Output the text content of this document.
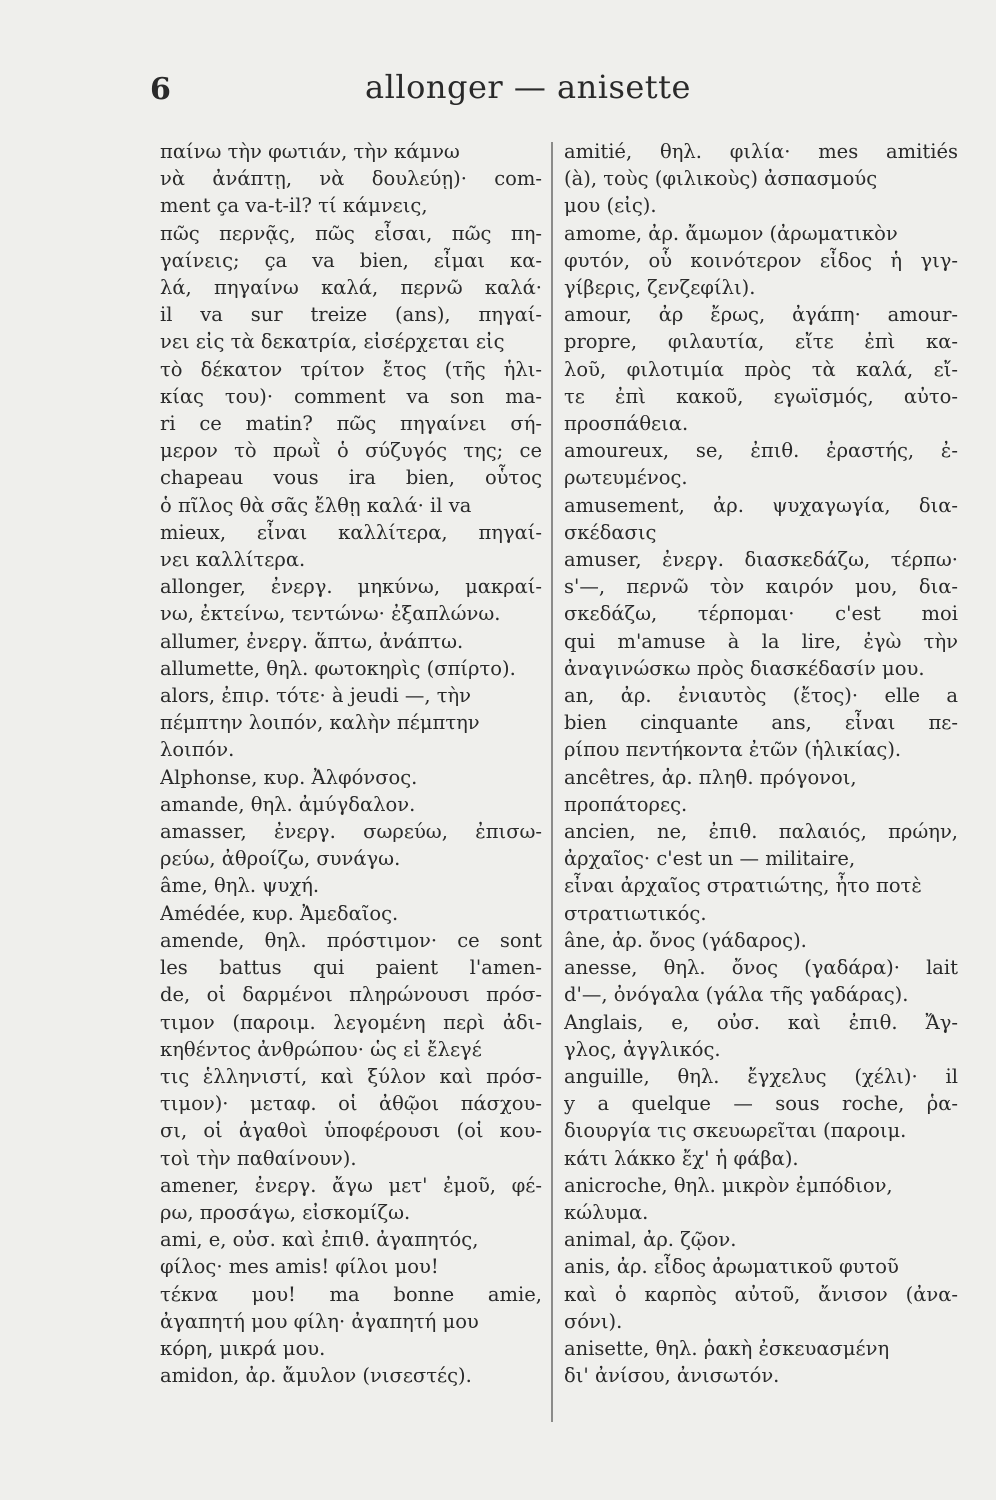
6	allonger — anisette
παίνω τὴν φωτιάν, τὴν κάμνω
νὰ ἀνάπτῃ, νὰ δουλεύῃ)· com-
ment ça va-t-il? τί κάμνεις,
πῶς περνᾷς, πῶς εἶσαι, πῶς πη-
γαίνεις; ça va bien, εἶμαι κα-
λά, πηγαίνω καλά, περνῶ καλά·
il va sur treize (ans), πηγαί-
νει εἰς τὰ δεκατρία, εἰσέρχεται εἰς
τὸ δέκατον τρίτον ἔτος (τῆς ἡλι-
κίας του)· comment va son ma-
ri ce matin? πῶς πηγαίνει σή-
μερον τὸ πρωῒ ὁ σύζυγός της; ce
chapeau vous ira bien, οὗτος
ὁ πῖλος θὰ σᾶς ἔλθῃ καλά· il va
mieux, εἶναι καλλίτερα, πηγαί-
νει καλλίτερα.
allonger, ἐνεργ. μηκύνω, μακραί-
νω, ἐκτείνω, τεντώνω· ἐξαπλώνω.
allumer, ἐνεργ. ἅπτω, ἀνάπτω.
allumette, θηλ. φωτοκηρὶς (σπίρτο).
alors, ἐπιρ. τότε· à jeudi —, τὴν
πέμπτην λοιπόν, καλὴν πέμπτην
λοιπόν.
Alphonse, κυρ. Ἀλφόνσος.
amande, θηλ. ἀμύγδαλον.
amasser, ἐνεργ. σωρεύω, ἐπισω-
ρεύω, ἀθροίζω, συνάγω.
âme, θηλ. ψυχή.
Amédée, κυρ. Ἀμεδαῖος.
amende, θηλ. πρόστιμον· ce sont
les battus qui paient l'amen-
de, οἱ δαρμένοι πληρώνουσι πρόσ-
τιμον (παροιμ. λεγομένη περὶ ἀδι-
κηθέντος ἀνθρώπου· ὡς εἰ ἔλεγέ
τις ἑλληνιστί, καὶ ξύλον καὶ πρόσ-
τιμον)· μεταφ. οἱ ἀθῷοι πάσχου-
σι, οἱ ἀγαθοὶ ὑποφέρουσι (οἱ κου-
τοὶ τὴν παθαίνουν).
amener, ἐνεργ. ἄγω μετ' ἐμοῦ, φέ-
ρω, προσάγω, εἰσκομίζω.
ami, e, οὐσ. καὶ ἐπιθ. ἀγαπητός,
φίλος· mes amis! φίλοι μου!
τέκνα μου! ma bonne amie,
ἀγαπητή μου φίλη· ἀγαπητή μου
κόρη, μικρά μου.
amidon, ἀρ. ἄμυλον (νισεστές).
amitié, θηλ. φιλία· mes amitiés
(à), τοὺς (φιλικοὺς) ἀσπασμούς
μου (εἰς).
amome, ἀρ. ἄμωμον (ἀρωματικὸν
φυτόν, οὗ κοινότερον εἶδος ἡ γιγ-
γίβερις, ζενζεφίλι).
amour, ἀρ ἔρως, ἀγάπη· amour-
propre, φιλαυτία, εἴτε ἐπὶ κα-
λοῦ, φιλοτιμία πρὸς τὰ καλά, εἴ-
τε ἐπὶ κακοῦ, εγωϊσμός, αὐτο-
προσπάθεια.
amoureux, se, ἐπιθ. ἐραστής, ἐ-
ρωτευμένος.
amusement, ἀρ. ψυχαγωγία, δια-
σκέδασις
amuser, ἐνεργ. διασκεδάζω, τέρπω·
s'—, περνῶ τὸν καιρόν μου, δια-
σκεδάζω, τέρπομαι· c'est moi
qui m'amuse à la lire, ἐγὼ τὴν
ἀναγινώσκω πρὸς διασκέδασίν μου.
an, ἀρ. ἐνιαυτὸς (ἔτος)· elle a
bien cinquante ans, εἶναι πε-
ρίπου πεντήκοντα ἐτῶν (ἡλικίας).
ancêtres, ἀρ. πληθ. πρόγονοι,
προπάτορες.
ancien, ne, ἐπιθ. παλαιός, πρώην,
ἀρχαῖος· c'est un — militaire,
εἶναι ἀρχαῖος στρατιώτης, ἦτο ποτὲ
στρατιωτικός.
âne, ἀρ. ὄνος (γάδαρος).
anesse, θηλ. ὄνος (γαδάρα)· lait
d'—, ὀνόγαλα (γάλα τῆς γαδάρας).
Anglais, e, οὐσ. καὶ ἐπιθ. Ἄγ-
γλος, ἀγγλικός.
anguille, θηλ. ἔγχελυς (χέλι)· il
y a quelque — sous roche, ῥα-
διουργία τις σκευωρεῖται (παροιμ.
κάτι λάκκο ἔχ' ἡ φάβα).
anicroche, θηλ. μικρὸν ἐμπόδιον,
κώλυμα.
animal, ἀρ. ζῷον.
anis, ἀρ. εἶδος ἀρωματικοῦ φυτοῦ
καὶ ὁ καρπὸς αὐτοῦ, ἄνισον (ἀνα-
σόνι).
anisette, θηλ. ῥακὴ ἐσκευασμένη
δι' ἀνίσου, ἀνισωτόν.
